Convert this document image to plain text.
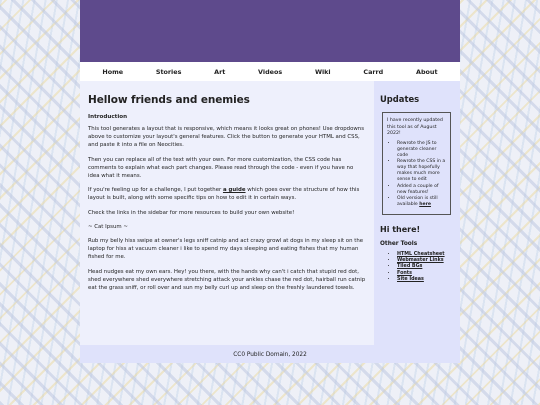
Home	Stories	Art	Videos	Wiki	Carrd	About
Hellow friends and enemies
Introduction

This tool generates a layout that is responsive, which means it looks great on phones! Use dropdowns above to customize your layout's general features. Click the button to generate your HTML and CSS, and paste it into a file on Neocities.

Then you can replace all of the text with your own. For more customization, the CSS code has comments to explain what each part changes. Please read through the code - even if you have no idea what it means.

If you're feeling up for a challenge, I put together a guide which goes over the structure of how this layout is built, along with some specific tips on how to edit it in certain ways.

Check the links in the sidebar for more resources to build your own website!

~ Cat Ipsum ~

Rub my belly hiss swipe at owner's legs sniff catnip and act crazy growl at dogs in my sleep sit on the laptop for hiss at vacuum cleaner i like to spend my days sleeping and eating fishes that my human fished for me.

Head nudges eat my own ears. Hey! you there, with the hands why can't i catch that stupid red dot, shed everywhere shed everywhere stretching attack your ankles chase the red dot, hairball run catnip eat the grass sniff, or roll over and sun my belly curl up and sleep on the freshly laundered towels.

Updates

I have recently updated this tool as of August 2022!

• Rewrote the JS to generate cleaner code
• Rewrote the CSS in a way that hopefully makes much more sense to edit
• Added a couple of new features!
• Old version is still available here
Hi there!
Other Tools
• HTML Cheatsheet
• Webmaster Links
• Tiled BGs
• Fonts
• Site Ideas
CC0 Public Domain, 2022
